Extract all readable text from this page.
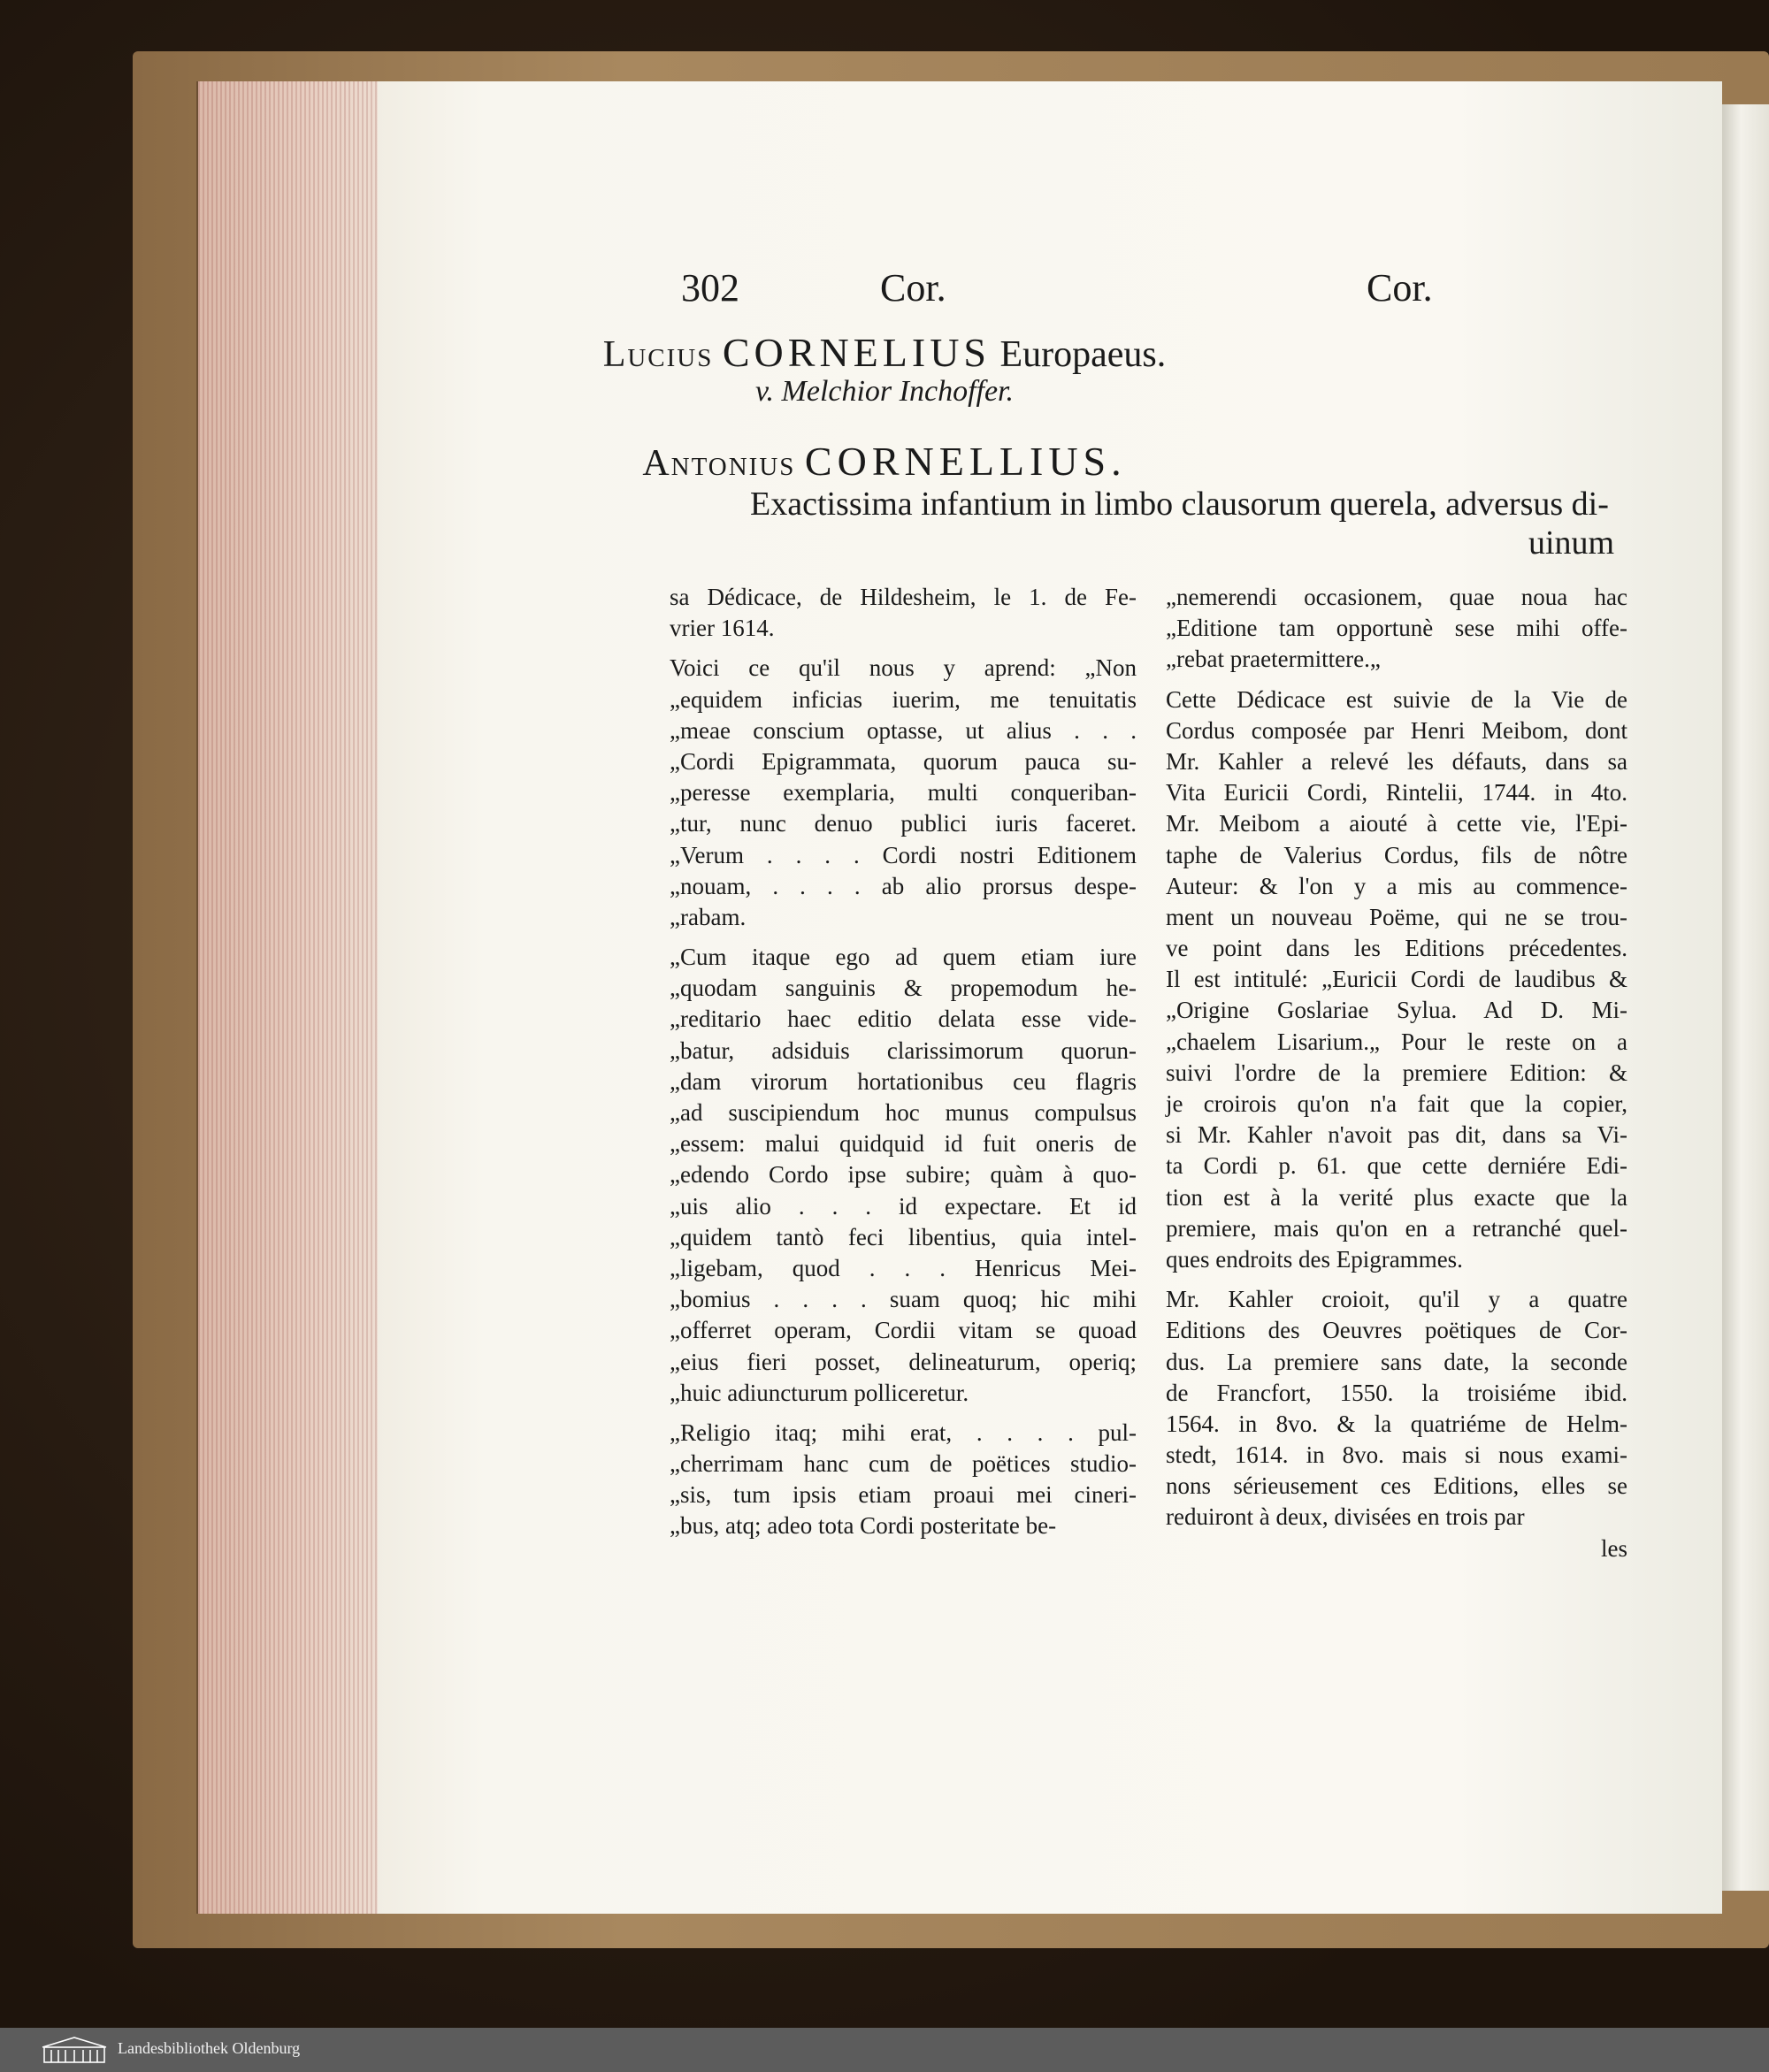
302	Cor.	Cor.
Lucius CORNELIUS Europaeus.
v. Melchior Inchoffer.
Antonius CORNELLIUS.
Exactissima infantium in limbo clausorum querela, adversus di-
uinum
sa Dédicace, de Hildesheim, le 1. de Fe-
vrier 1614.
Voici ce qu'il nous y aprend: „Non
„equidem inficias iuerim, me tenuitatis
„meae conscium optasse, ut alius . . .
„Cordi Epigrammata, quorum pauca su-
„peresse exemplaria, multi conqueriban-
„tur, nunc denuo publici iuris faceret.
„Verum . . . . Cordi nostri Editionem
„nouam, . . . . ab alio prorsus despe-
„rabam.
„Cum itaque ego ad quem etiam iure
„quodam sanguinis & propemodum he-
„reditario haec editio delata esse vide-
„batur, adsiduis clarissimorum quorun-
„dam virorum hortationibus ceu flagris
„ad suscipiendum hoc munus compulsus
„essem: malui quidquid id fuit oneris de
„edendo Cordo ipse subire; quàm à quo-
„uis alio . . . id expectare. Et id
„quidem tantò feci libentius, quia intel-
„ligebam, quod . . . Henricus Mei-
„bomius . . . . suam quoq; hic mihi
„offerret operam, Cordii vitam se quoad
„eius fieri posset, delineaturum, operiq;
„huic adiuncturum polliceretur.
„Religio itaq; mihi erat, . . . . pul-
„cherrimam hanc cum de poëtices studio-
„sis, tum ipsis etiam proaui mei cineri-
„bus, atq; adeo tota Cordi posteritate be-
„nemerendi occasionem, quae noua hac
„Editione tam opportunè sese mihi offe-
„rebat praetermittere.„
Cette Dédicace est suivie de la Vie de
Cordus composée par Henri Meibom, dont
Mr. Kahler a relevé les défauts, dans sa
Vita Euricii Cordi, Rintelii, 1744. in 4to.
Mr. Meibom a aiouté à cette vie, l'Epi-
taphe de Valerius Cordus, fils de nôtre
Auteur: & l'on y a mis au commence-
ment un nouveau Poëme, qui ne se trou-
ve point dans les Editions précedentes.
Il est intitulé: „Euricii Cordi de laudibus &
„Origine Goslariae Sylua. Ad D. Mi-
„chaelem Lisarium.„ Pour le reste on a
suivi l'ordre de la premiere Edition: &
je croirois qu'on n'a fait que la copier,
si Mr. Kahler n'avoit pas dit, dans sa Vi-
ta Cordi p. 61. que cette derniére Edi-
tion est à la verité plus exacte que la
premiere, mais qu'on en a retranché quel-
ques endroits des Epigrammes.
Mr. Kahler croioit, qu'il y a quatre
Editions des Oeuvres poëtiques de Cor-
dus. La premiere sans date, la seconde
de Francfort, 1550. la troisiéme ibid.
1564. in 8vo. & la quatriéme de Helm-
stedt, 1614. in 8vo. mais si nous exami-
nons sérieusement ces Editions, elles se
reduiront à deux, divisées en trois par
les
Landesbibliothek Oldenburg
